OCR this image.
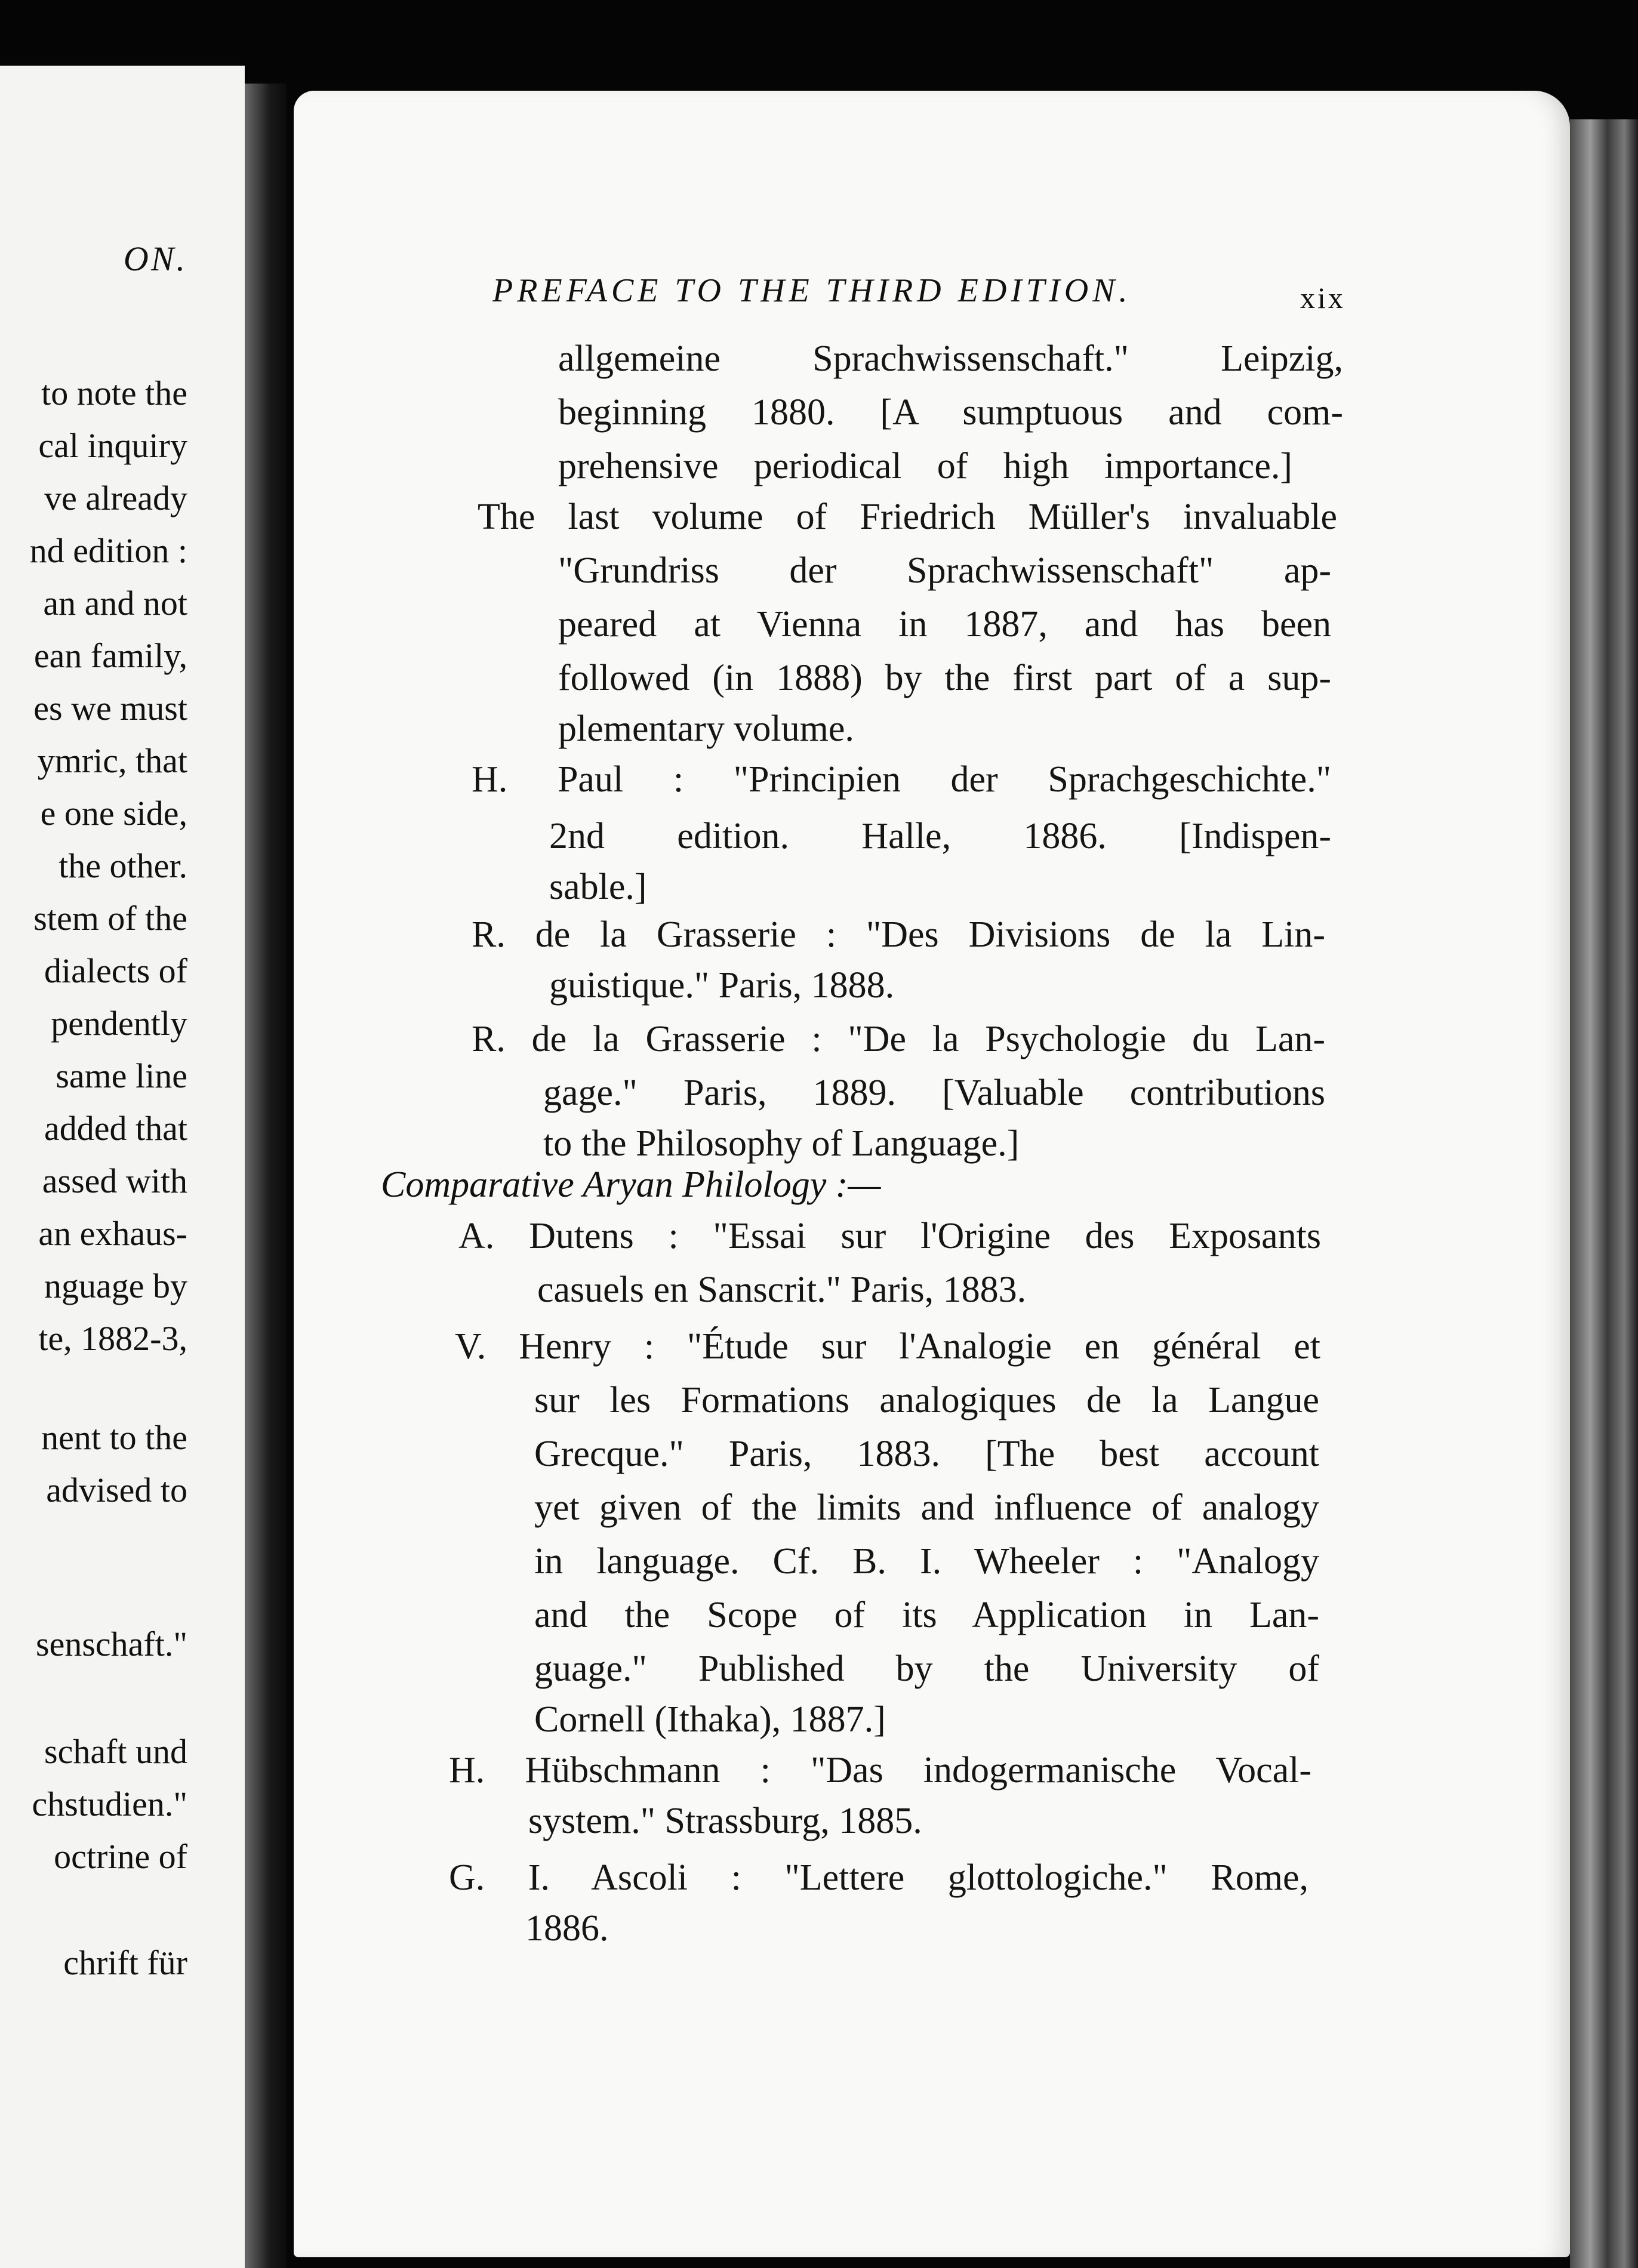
ON.
to note the
cal inquiry
ve already
nd edition :
an and not
ean family,
es we must
ymric, that
e one side,
the other.
stem of the
dialects of
pendently
same line
added that
assed with
an exhaus-
nguage by
te, 1882-3,
nent to the
advised to
senschaft."
schaft und
chstudien."
octrine of
chrift für
PREFACE TO THE THIRD EDITION.	xix
allgemeine Sprachwissenschaft." Leipzig,
beginning 1880. [A sumptuous and com-
prehensive periodical of high importance.]
The last volume of Friedrich Müller's invaluable
"Grundriss der Sprachwissenschaft" ap-
peared at Vienna in 1887, and has been
followed (in 1888) by the first part of a sup-
plementary volume.
H. Paul : "Principien der Sprachgeschichte."
2nd edition. Halle, 1886. [Indispen-
sable.]
R. de la Grasserie : "Des Divisions de la Lin-
guistique." Paris, 1888.
R. de la Grasserie : "De la Psychologie du Lan-
gage." Paris, 1889. [Valuable contributions
to the Philosophy of Language.]
Comparative Aryan Philology :—
A. Dutens : "Essai sur l'Origine des Exposants
casuels en Sanscrit." Paris, 1883.
V. Henry : "Étude sur l'Analogie en général et
sur les Formations analogiques de la Langue
Grecque." Paris, 1883. [The best account
yet given of the limits and influence of analogy
in language. Cf. B. I. Wheeler : "Analogy
and the Scope of its Application in Lan-
guage." Published by the University of
Cornell (Ithaka), 1887.]
H. Hübschmann : "Das indogermanische Vocal-
system." Strassburg, 1885.
G. I. Ascoli : "Lettere glottologiche." Rome,
1886.
